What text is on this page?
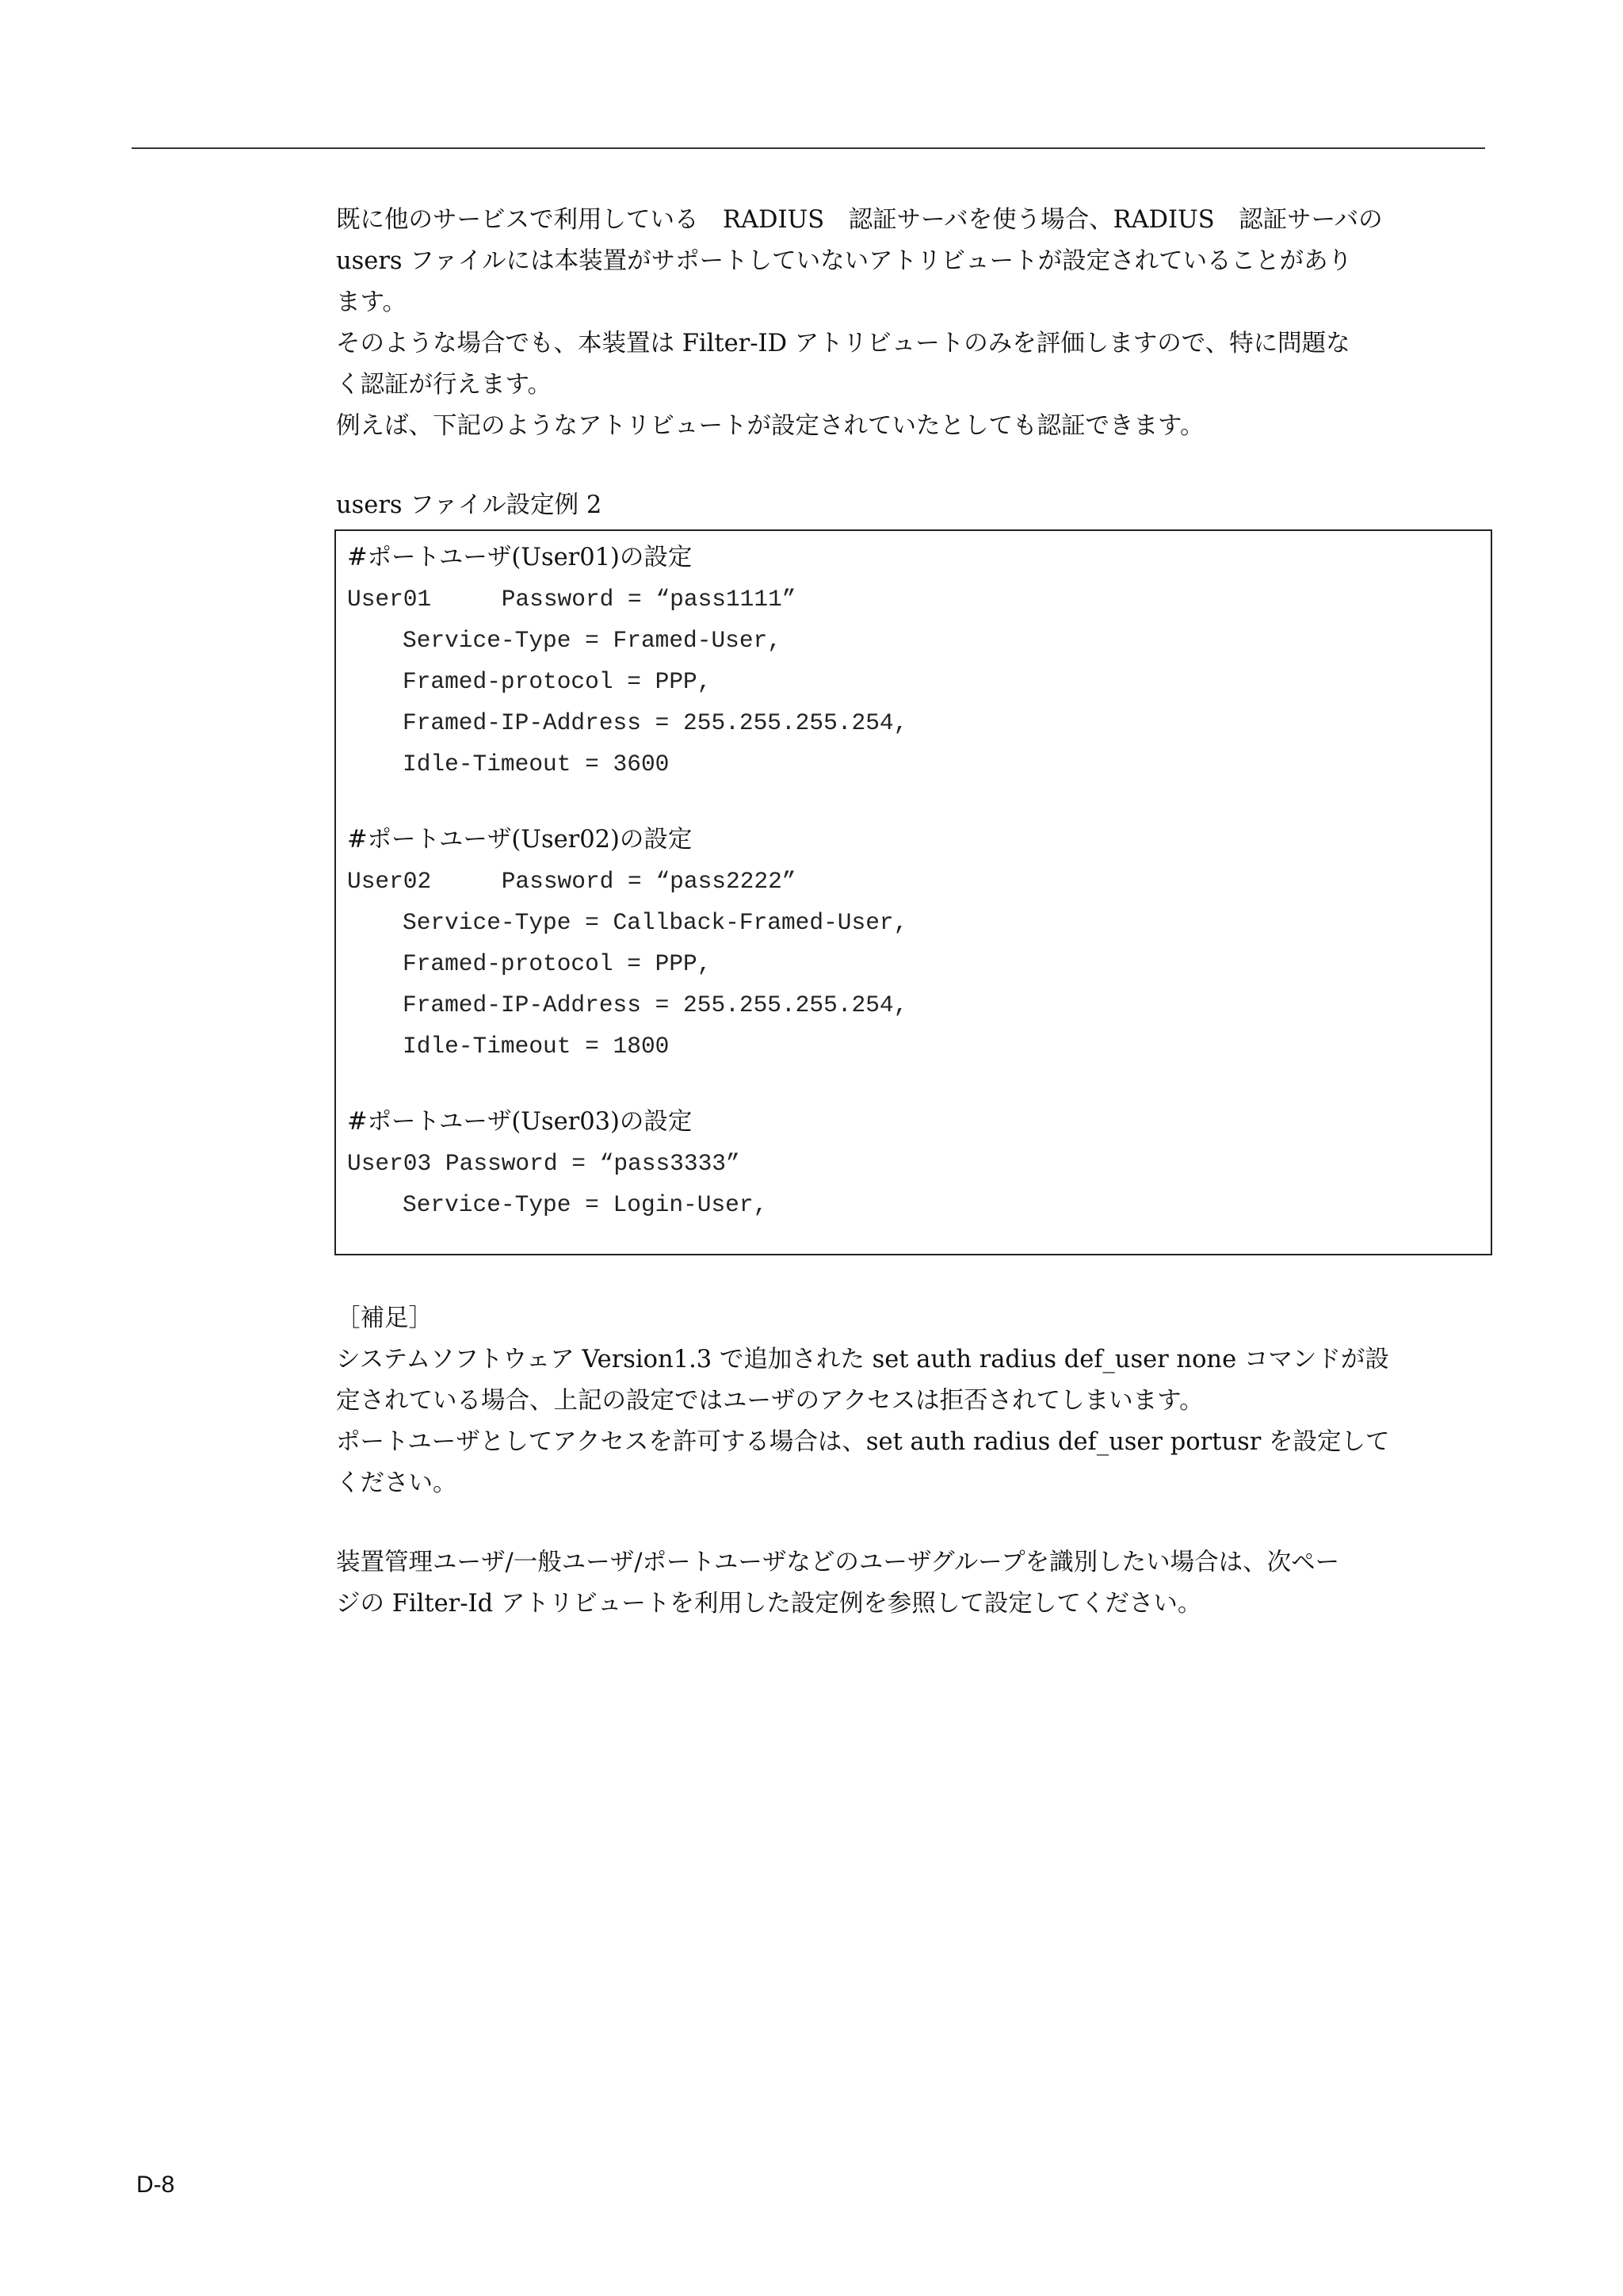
既に他のサービスで利用している　RADIUS　認証サーバを使う場合、RADIUS　認証サーバの
users ファイルには本装置がサポートしていないアトリビュートが設定されていることがあり
ます。
そのような場合でも、本装置は Filter-ID アトリビュートのみを評価しますので、特に問題な
く認証が行えます。
例えば、下記のようなアトリビュートが設定されていたとしても認証できます。

users ファイル設定例 2
#ポートユーザ(User01)の設定
User01     Password = “pass1111”
Service-Type = Framed-User,
Framed-protocol = PPP,
Framed-IP-Address = 255.255.255.254,
Idle-Timeout = 3600
#ポートユーザ(User02)の設定
User02     Password = “pass2222”
Service-Type = Callback-Framed-User,
Framed-protocol = PPP,
Framed-IP-Address = 255.255.255.254,
Idle-Timeout = 1800
#ポートユーザ(User03)の設定
User03 Password = “pass3333”
Service-Type = Login-User,
［補足］

システムソフトウェア Version1.3 で追加された set auth radius def_user none コマンドが設
定されている場合、上記の設定ではユーザのアクセスは拒否されてしまいます。
ポートユーザとしてアクセスを許可する場合は、set auth radius def_user portusr を設定して
ください。

装置管理ユーザ/一般ユーザ/ポートユーザなどのユーザグループを識別したい場合は、次ペー
ジの Filter-Id アトリビュートを利用した設定例を参照して設定してください。

D-8
